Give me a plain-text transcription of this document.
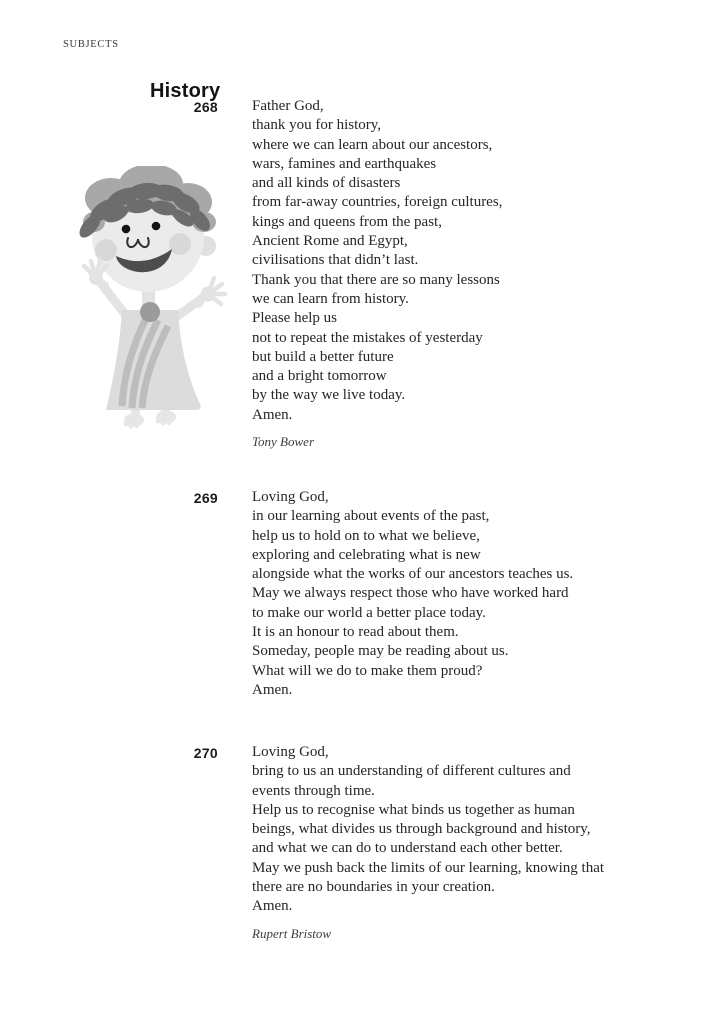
SUBJECTS
History
268 Father God,
thank you for history,
where we can learn about our ancestors,
wars, famines and earthquakes
and all kinds of disasters
from far-away countries, foreign cultures,
kings and queens from the past,
Ancient Rome and Egypt,
civilisations that didn’t last.
Thank you that there are so many lessons
we can learn from history.
Please help us
not to repeat the mistakes of yesterday
but build a better future
and a bright tomorrow
by the way we live today.
Amen.
Tony Bower
269 Loving God,
in our learning about events of the past,
help us to hold on to what we believe,
exploring and celebrating what is new
alongside what the works of our ancestors teaches us.
May we always respect those who have worked hard
to make our world a better place today.
It is an honour to read about them.
Someday, people may be reading about us.
What will we do to make them proud?
Amen.
270 Loving God,
bring to us an understanding of different cultures and
events through time.
Help us to recognise what binds us together as human
beings, what divides us through background and history,
and what we can do to understand each other better.
May we push back the limits of our learning, knowing that
there are no boundaries in your creation.
Amen.
Rupert Bristow
